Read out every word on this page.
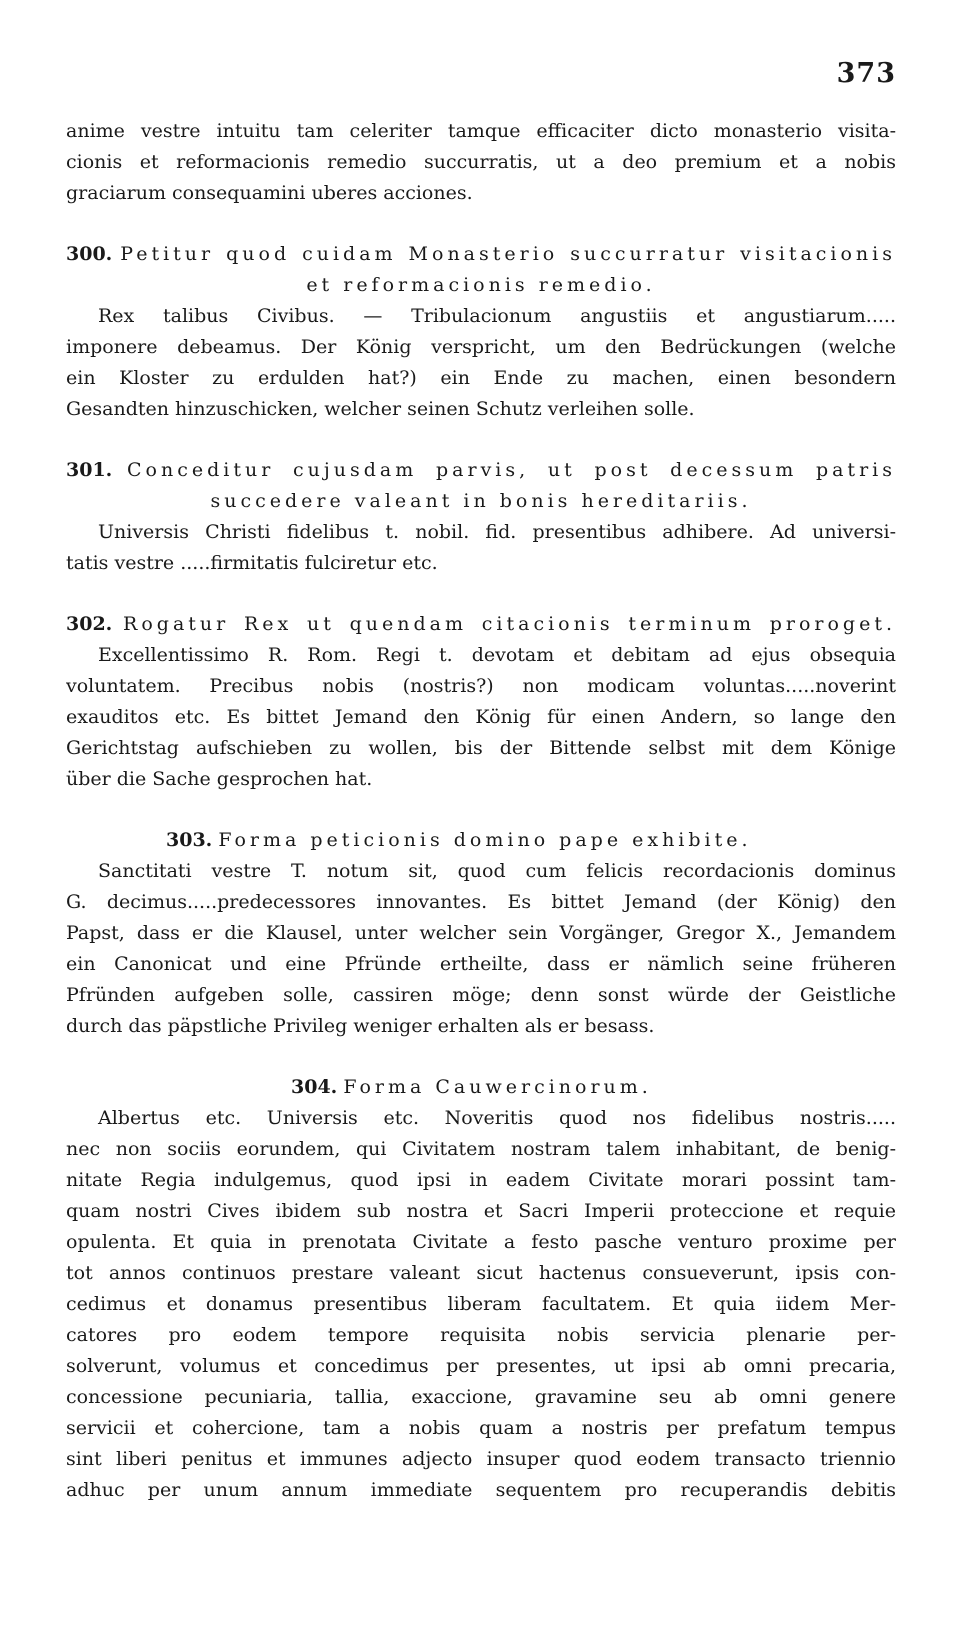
373
anime vestre intuitu tam celeriter tamque efficaciter dicto monasterio visita-
cionis et reformacionis remedio succurratis, ut a deo premium et a nobis
graciarum consequamini uberes acciones.
300. Petitur quod cuidam Monasterio succurratur visitacionis
et reformacionis remedio.
Rex talibus Civibus. — Tribulacionum angustiis et angustiarum.....
imponere debeamus. Der König verspricht, um den Bedrückungen (welche
ein Kloster zu erdulden hat?) ein Ende zu machen, einen besondern
Gesandten hinzuschicken, welcher seinen Schutz verleihen solle.
301. Conceditur cujusdam parvis, ut post decessum patris
succedere valeant in bonis hereditariis.
Universis Christi fidelibus t. nobil. fid. presentibus adhibere. Ad universi-
tatis vestre .....firmitatis fulciretur etc.
302. Rogatur Rex ut quendam citacionis terminum proroget.
Excellentissimo R. Rom. Regi t. devotam et debitam ad ejus obsequia
voluntatem. Precibus nobis (nostris?) non modicam voluntas.....noverint
exauditos etc. Es bittet Jemand den König für einen Andern, so lange den
Gerichtstag aufschieben zu wollen, bis der Bittende selbst mit dem Könige
über die Sache gesprochen hat.
303. Forma peticionis domino pape exhibite.
Sanctitati vestre T. notum sit, quod cum felicis recordacionis dominus
G. decimus.....predecessores innovantes. Es bittet Jemand (der König) den
Papst, dass er die Klausel, unter welcher sein Vorgänger, Gregor X., Jemandem
ein Canonicat und eine Pfründe ertheilte, dass er nämlich seine früheren
Pfründen aufgeben solle, cassiren möge; denn sonst würde der Geistliche
durch das päpstliche Privileg weniger erhalten als er besass.
304. Forma Cauwercinorum.
Albertus etc. Universis etc. Noveritis quod nos fidelibus nostris.....
nec non sociis eorundem, qui Civitatem nostram talem inhabitant, de benig-
nitate Regia indulgemus, quod ipsi in eadem Civitate morari possint tam-
quam nostri Cives ibidem sub nostra et Sacri Imperii proteccione et requie
opulenta. Et quia in prenotata Civitate a festo pasche venturo proxime per
tot annos continuos prestare valeant sicut hactenus consueverunt, ipsis con-
cedimus et donamus presentibus liberam facultatem. Et quia iidem Mer-
catores pro eodem tempore requisita nobis servicia plenarie per-
solverunt, volumus et concedimus per presentes, ut ipsi ab omni precaria,
concessione pecuniaria, tallia, exaccione, gravamine seu ab omni genere
servicii et cohercione, tam a nobis quam a nostris per prefatum tempus
sint liberi penitus et immunes adjecto insuper quod eodem transacto triennio
adhuc per unum annum immediate sequentem pro recuperandis debitis
